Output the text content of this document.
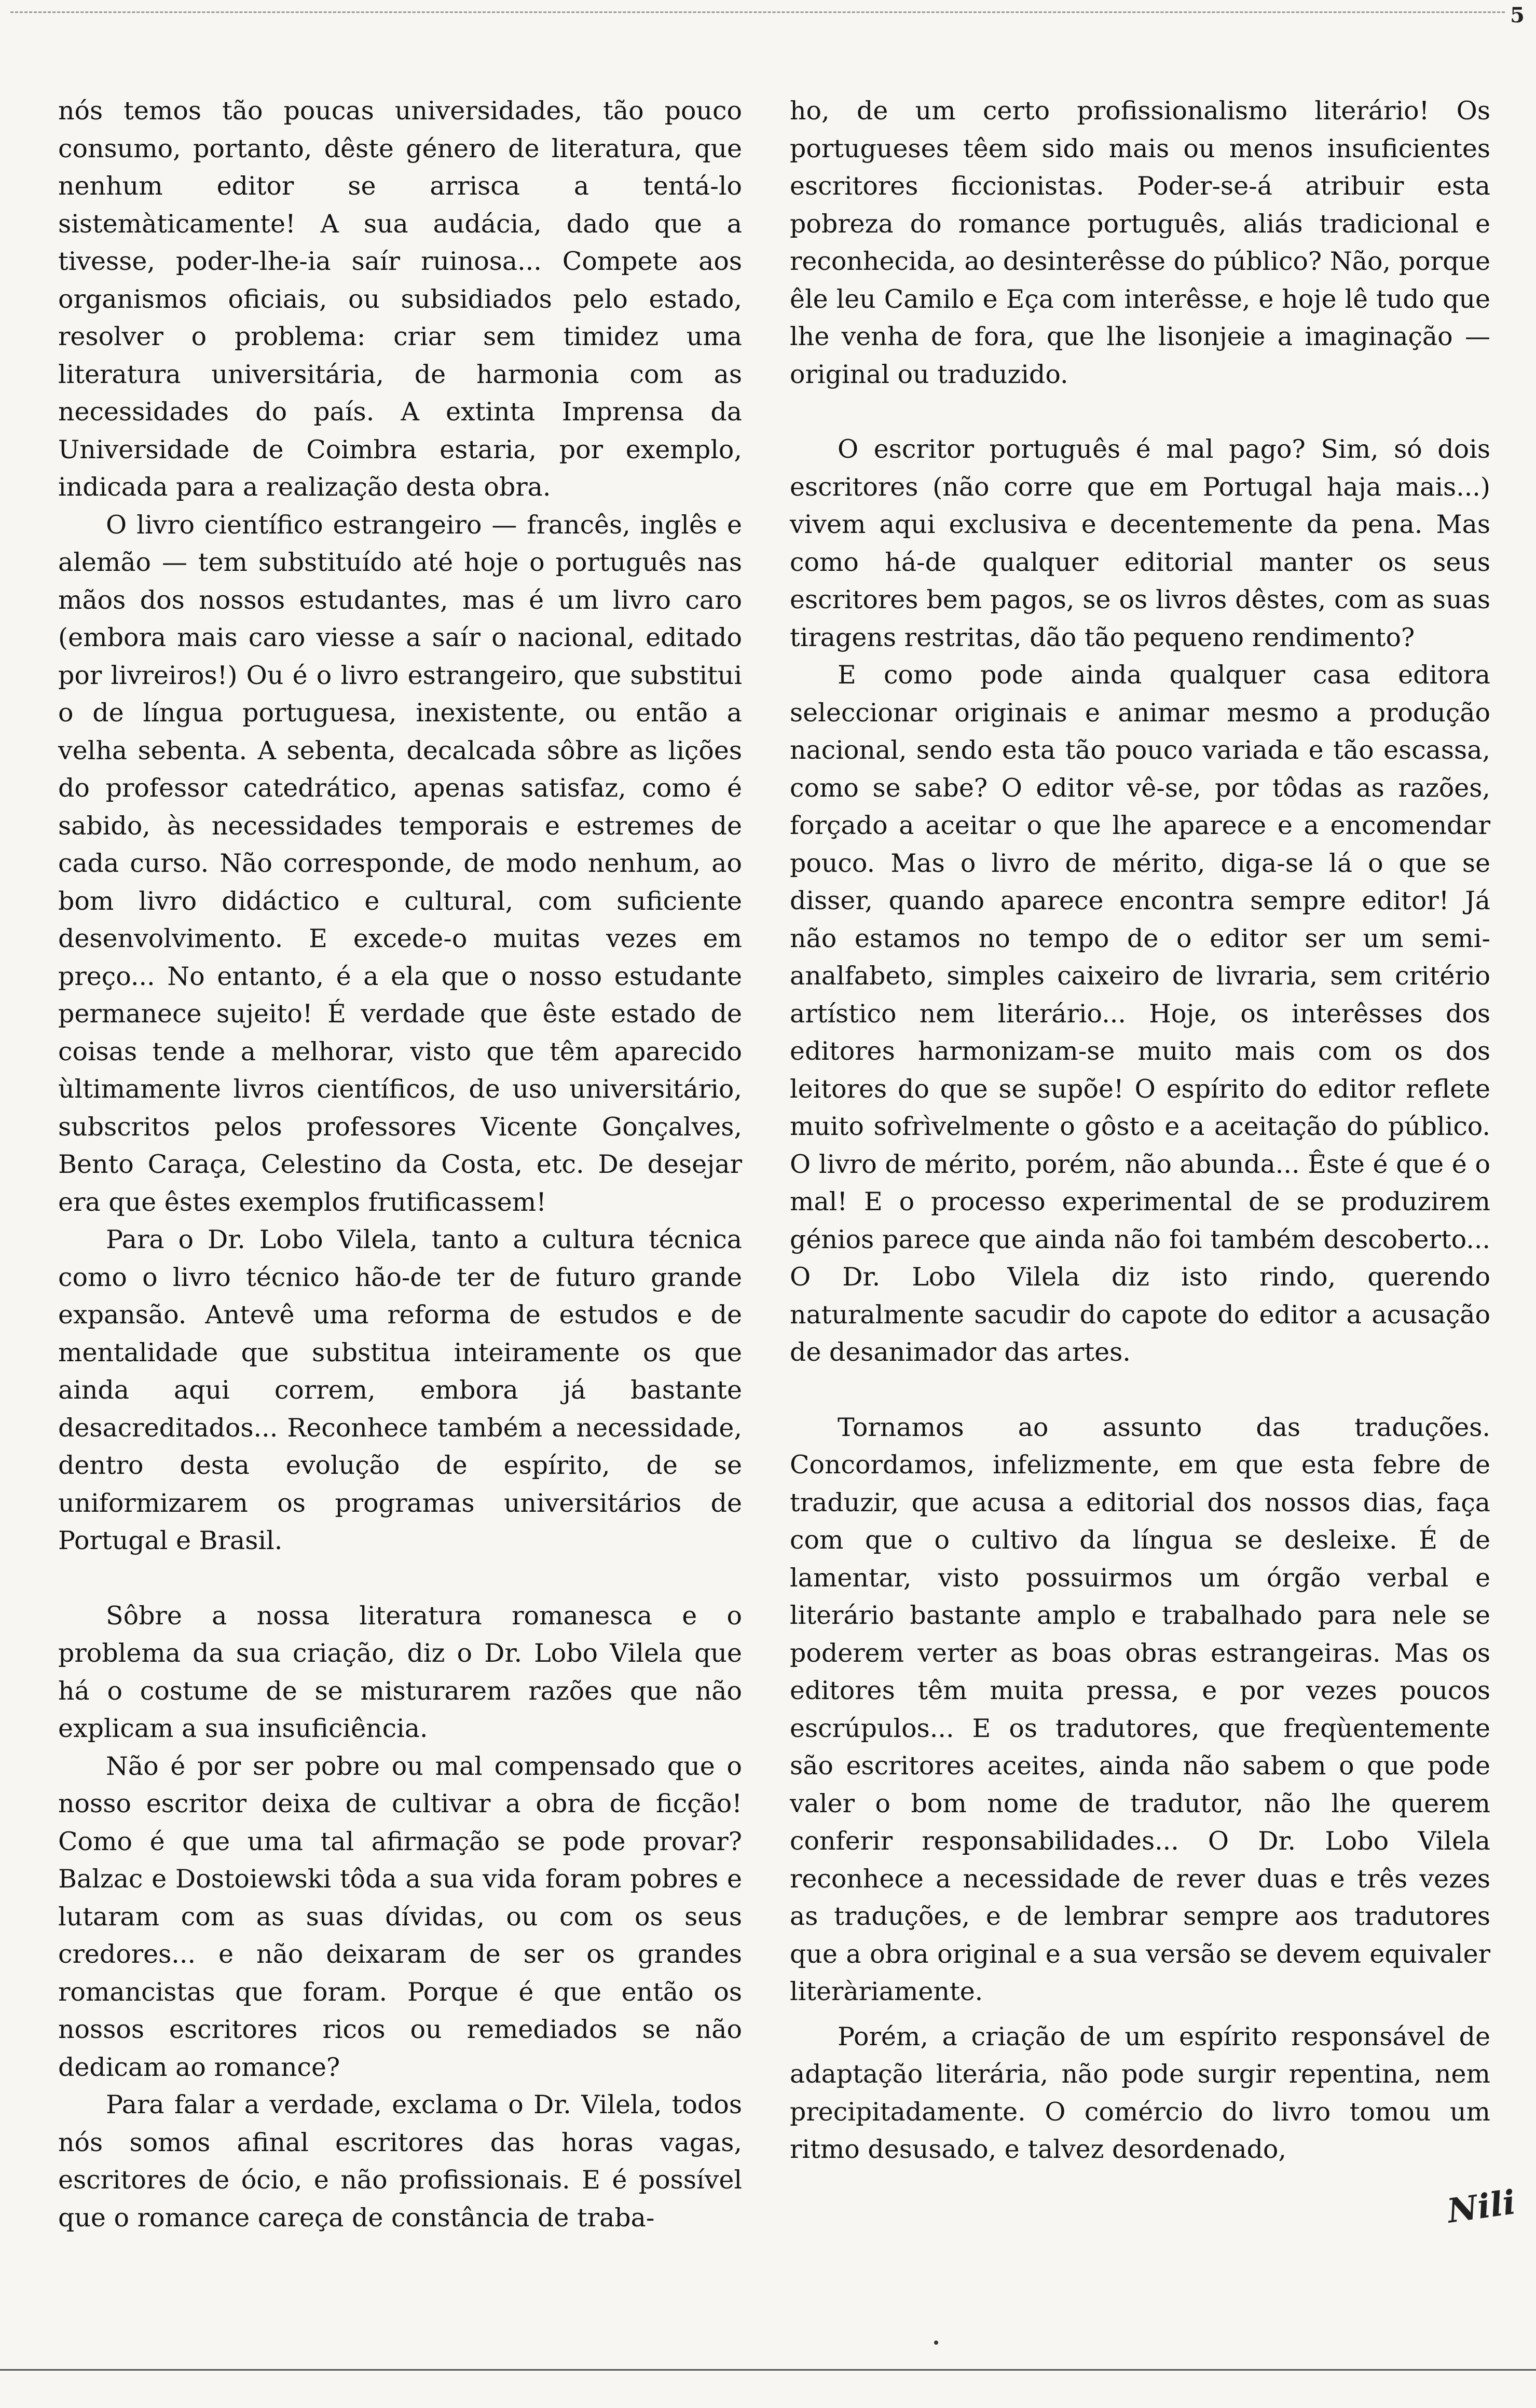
5

nós temos tão poucas universidades, tão pouco consumo, portanto, dêste género de literatura, que nenhum editor se arrisca a tentá-lo sistemàticamente! A sua audácia, dado que a tivesse, poder-lhe-ia saír ruinosa... Compete aos organismos oficiais, ou subsidiados pelo estado, resolver o problema: criar sem timidez uma literatura universitária, de harmonia com as necessidades do país. A extinta Imprensa da Universidade de Coimbra estaria, por exemplo, indicada para a realização desta obra.

O livro científico estrangeiro — francês, inglês e alemão — tem substituído até hoje o português nas mãos dos nossos estudantes, mas é um livro caro (embora mais caro viesse a saír o nacional, editado por livreiros!) Ou é o livro estrangeiro, que substitui o de língua portuguesa, inexistente, ou então a velha sebenta. A sebenta, decalcada sôbre as lições do professor catedrático, apenas satisfaz, como é sabido, às necessidades temporais e estremes de cada curso. Não corresponde, de modo nenhum, ao bom livro didáctico e cultural, com suficiente desenvolvimento. E excede-o muitas vezes em preço... No entanto, é a ela que o nosso estudante permanece sujeito! É verdade que êste estado de coisas tende a melhorar, visto que têm aparecido ùltimamente livros científicos, de uso universitário, subscritos pelos professores Vicente Gonçalves, Bento Caraça, Celestino da Costa, etc. De desejar era que êstes exemplos frutificassem!

Para o Dr. Lobo Vilela, tanto a cultura técnica como o livro técnico hão-de ter de futuro grande expansão. Antevê uma reforma de estudos e de mentalidade que substitua inteiramente os que ainda aqui correm, embora já bastante desacreditados... Reconhece também a necessidade, dentro desta evolução de espírito, de se uniformizarem os programas universitários de Portugal e Brasil.

Sôbre a nossa literatura romanesca e o problema da sua criação, diz o Dr. Lobo Vilela que há o costume de se misturarem razões que não explicam a sua insuficiência.

Não é por ser pobre ou mal compensado que o nosso escritor deixa de cultivar a obra de ficção! Como é que uma tal afirmação se pode provar? Balzac e Dostoiewski tôda a sua vida foram pobres e lutaram com as suas dívidas, ou com os seus credores... e não deixaram de ser os grandes romancistas que foram. Porque é que então os nossos escritores ricos ou remediados se não dedicam ao romance?

Para falar a verdade, exclama o Dr. Vilela, todos nós somos afinal escritores das horas vagas, escritores de ócio, e não profissionais. E é possível que o romance careça de constância de traba-

ho, de um certo profissionalismo literário! Os portugueses têem sido mais ou menos insuficientes escritores ficcionistas. Poder-se-á atribuir esta pobreza do romance português, aliás tradicional e reconhecida, ao desinterêsse do público? Não, porque êle leu Camilo e Eça com interêsse, e hoje lê tudo que lhe venha de fora, que lhe lisonjeie a imaginação — original ou traduzido.

O escritor português é mal pago? Sim, só dois escritores (não corre que em Portugal haja mais...) vivem aqui exclusiva e decentemente da pena. Mas como há-de qualquer editorial manter os seus escritores bem pagos, se os livros dêstes, com as suas tiragens restritas, dão tão pequeno rendimento?

E como pode ainda qualquer casa editora seleccionar originais e animar mesmo a produção nacional, sendo esta tão pouco variada e tão escassa, como se sabe? O editor vê-se, por tôdas as razões, forçado a aceitar o que lhe aparece e a encomendar pouco. Mas o livro de mérito, diga-se lá o que se disser, quando aparece encontra sempre editor! Já não estamos no tempo de o editor ser um semi-analfabeto, simples caixeiro de livraria, sem critério artístico nem literário... Hoje, os interêsses dos editores harmonizam-se muito mais com os dos leitores do que se supõe! O espírito do editor reflete muito sofrìvelmente o gôsto e a aceitação do público. O livro de mérito, porém, não abunda... Êste é que é o mal! E o processo experimental de se produzirem génios parece que ainda não foi também descoberto... O Dr. Lobo Vilela diz isto rindo, querendo naturalmente sacudir do capote do editor a acusação de desanimador das artes.

Tornamos ao assunto das traduções. Concordamos, infelizmente, em que esta febre de traduzir, que acusa a editorial dos nossos dias, faça com que o cultivo da língua se desleixe. É de lamentar, visto possuirmos um órgão verbal e literário bastante amplo e trabalhado para nele se poderem verter as boas obras estrangeiras. Mas os editores têm muita pressa, e por vezes poucos escrúpulos... E os tradutores, que freqùentemente são escritores aceites, ainda não sabem o que pode valer o bom nome de tradutor, não lhe querem conferir responsabilidades... O Dr. Lobo Vilela reconhece a necessidade de rever duas e três vezes as traduções, e de lembrar sempre aos tradutores que a obra original e a sua versão se devem equivaler literàriamente.

Porém, a criação de um espírito responsável de adaptação literária, não pode surgir repentina, nem precipitadamente. O comércio do livro tomou um ritmo desusado, e talvez desordenado,

Nili
